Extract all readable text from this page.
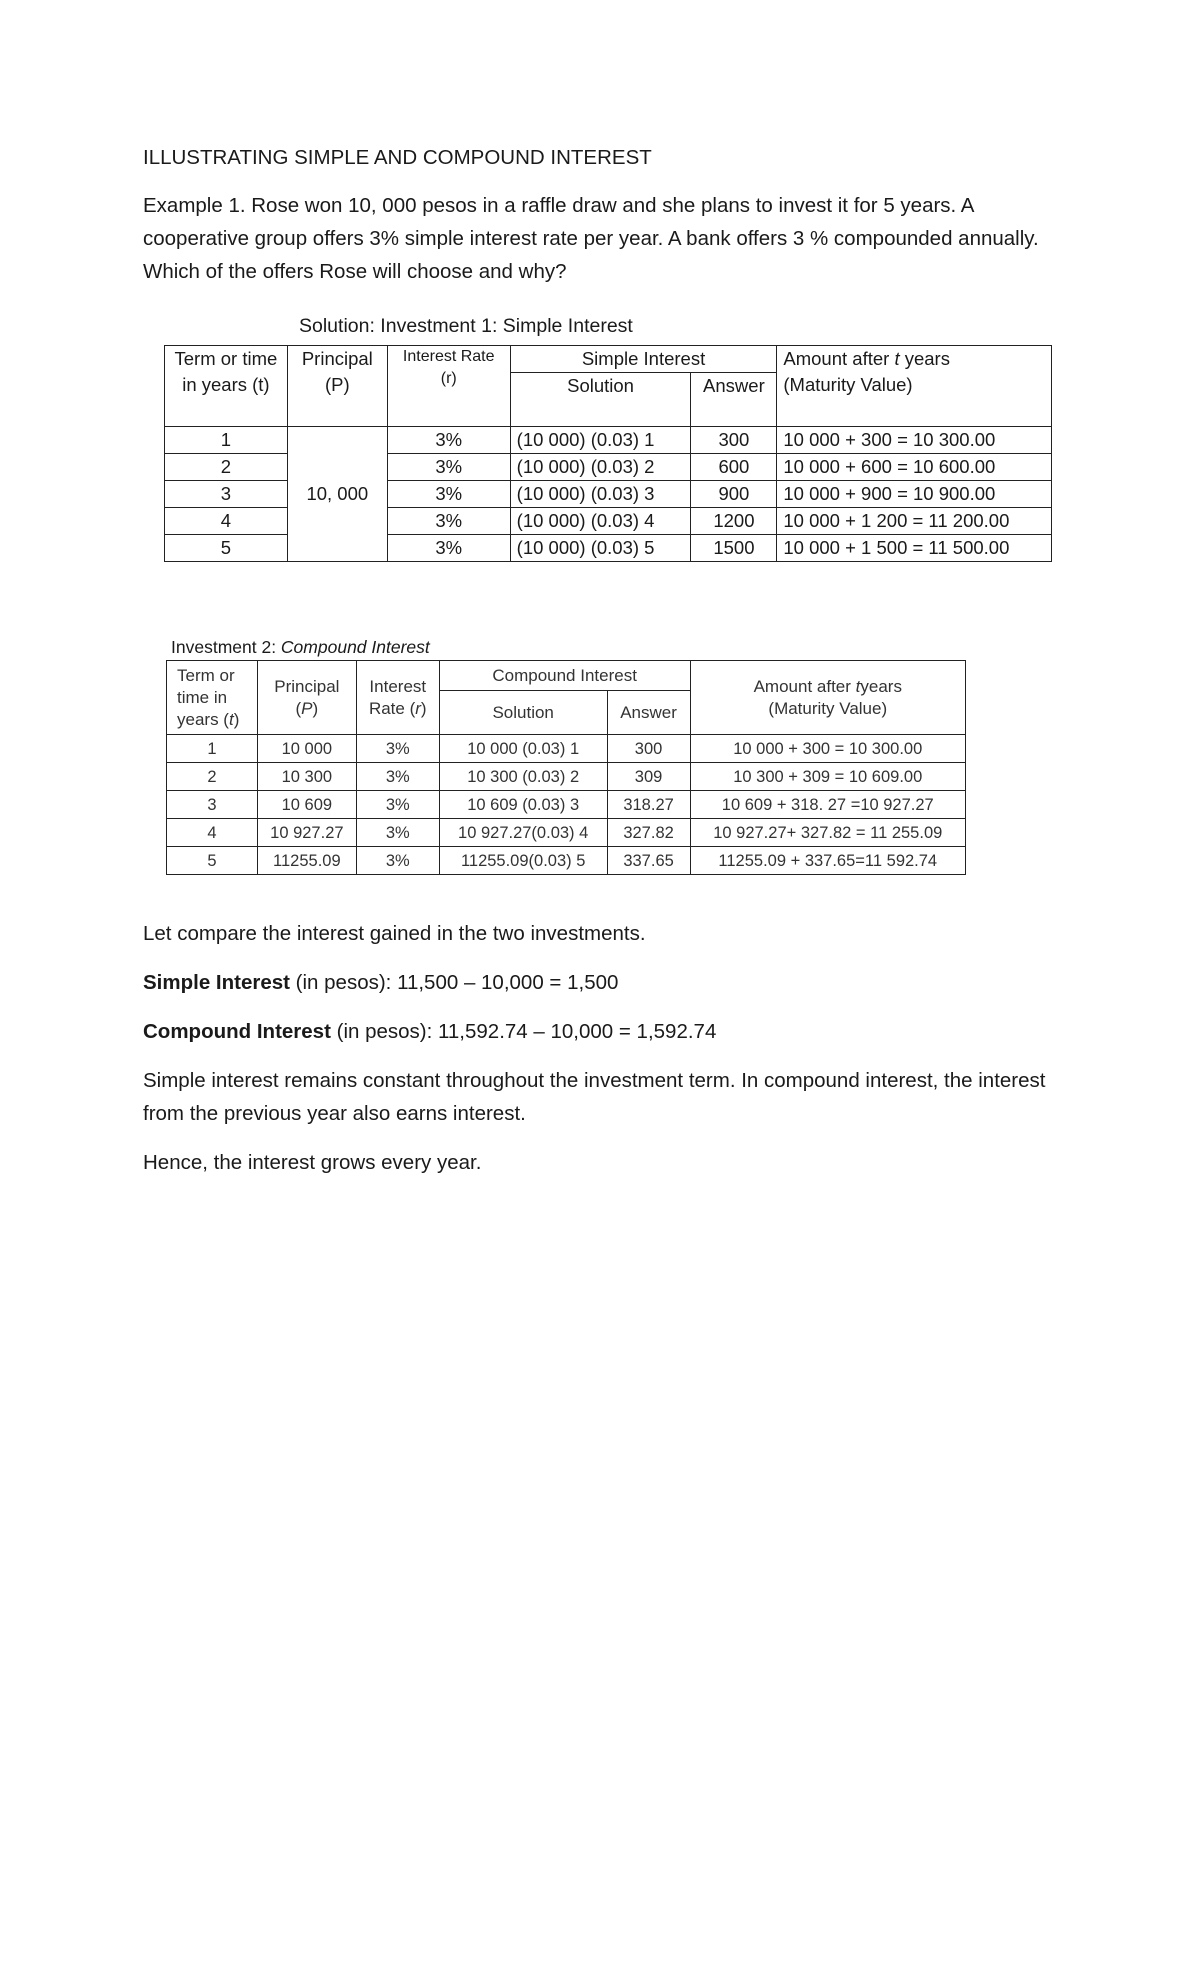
ILLUSTRATING SIMPLE AND COMPOUND INTEREST

Example 1. Rose won 10, 000 pesos in a raffle draw and she plans to invest it for 5 years. A cooperative group offers 3% simple interest rate per year. A bank offers 3 % compounded annually. Which of the offers Rose will choose and why?

Solution: Investment 1: Simple Interest
Term or time in years (t)	Principal (P)	Interest Rate (r)	Simple Interest		Amount after t years
(Maturity Value)
			Solution	Answer	
1	10, 000	3%	(10 000) (0.03) 1	300	10 000 + 300 = 10 300.00
2		3%	(10 000) (0.03) 2	600	10 000 + 600 = 10 600.00
3		3%	(10 000) (0.03) 3	900	10 000 + 900 = 10 900.00
4		3%	(10 000) (0.03) 4	1200	10 000 + 1 200 = 11 200.00
5		3%	(10 000) (0.03) 5	1500	10 000 + 1 500 = 11 500.00
Investment 2: Compound Interest
Term or time in years (t)	Principal (P)	Interest Rate (r)	Compound Interest		Amount after tyears
(Maturity Value)
			Solution	Answer	
1	10 000	3%	10 000 (0.03) 1	300	10 000 + 300 = 10 300.00
2	10 300	3%	10 300 (0.03) 2	309	10 300 + 309 = 10 609.00
3	10 609	3%	10 609 (0.03) 3	318.27	10 609 + 318. 27 =10 927.27
4	10 927.27	3%	10 927.27(0.03) 4	327.82	10 927.27+ 327.82 = 11 255.09
5	11255.09	3%	11255.09(0.03) 5	337.65	11255.09 + 337.65=11 592.74

Let compare the interest gained in the two investments.

Simple Interest (in pesos): 11,500 – 10,000 = 1,500

Compound Interest (in pesos): 11,592.74 – 10,000 = 1,592.74

Simple interest remains constant throughout the investment term. In compound interest, the interest from the previous year also earns interest.

Hence, the interest grows every year.
